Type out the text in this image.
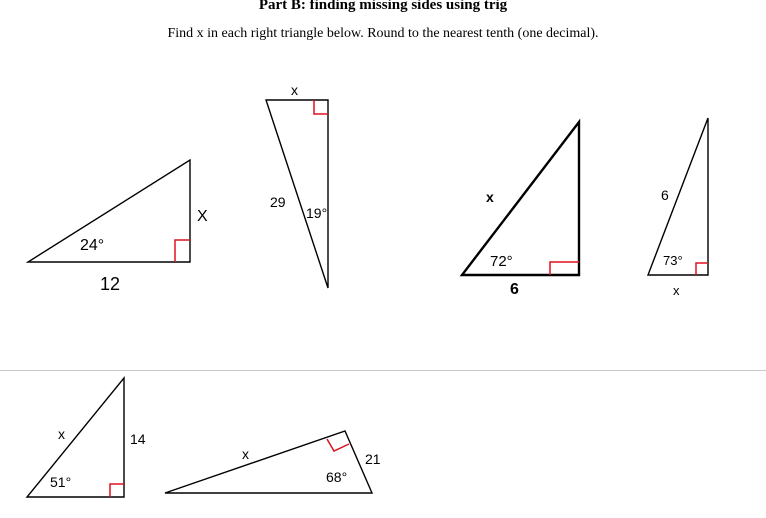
Part B: finding missing sides using trig
Find x in each right triangle below. Round to the nearest tenth (one decimal).
24°
12
X
x
29
19°
x
72°
6
6
73°
x
x	14
51°
x	21
68°
